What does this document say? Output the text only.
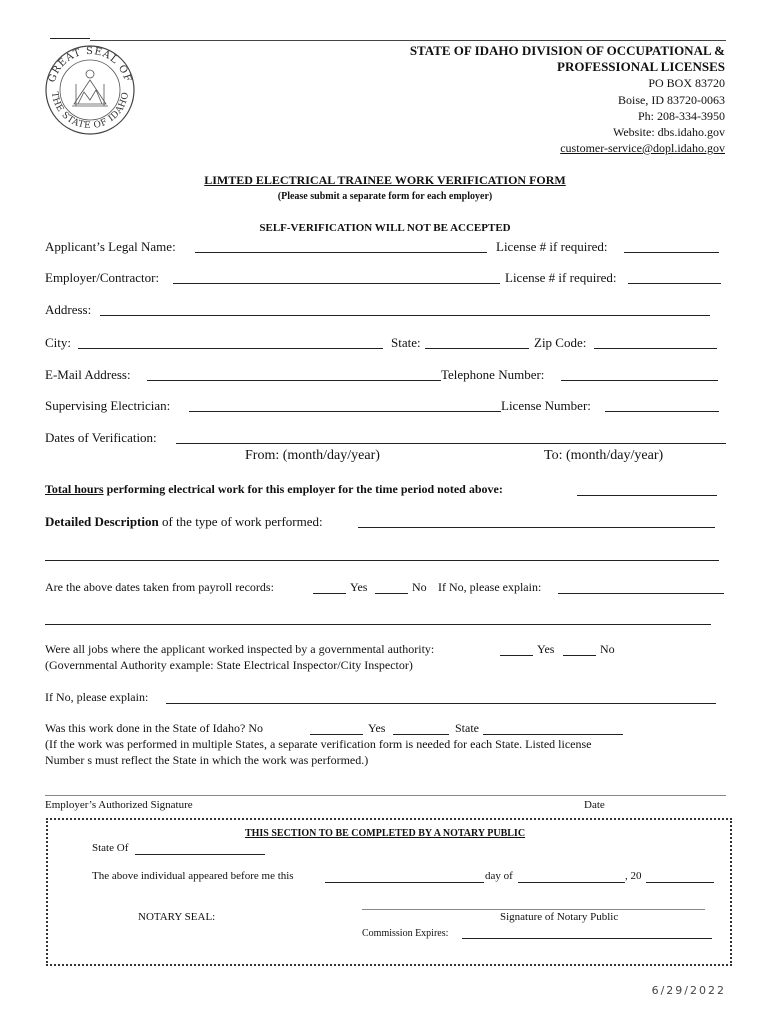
GREAT SEAL OF
THE STATE OF IDAHO
STATE OF IDAHO DIVISION OF OCCUPATIONAL &
PROFESSIONAL LICENSES
PO BOX 83720
Boise, ID 83720-0063
Ph: 208-334-3950
Website: dbs.idaho.gov
customer-service@dopl.idaho.gov
LIMTED ELECTRICAL TRAINEE WORK VERIFICATION FORM
(Please submit a separate form for each employer)
SELF-VERIFICATION WILL NOT BE ACCEPTED
Applicant’s Legal Name:	License # if required:
Employer/Contractor:	License # if required:
Address:
City:	State:	Zip Code:
E-Mail Address:	Telephone Number:
Supervising Electrician:	License Number:
Dates of Verification:
From: (month/day/year)	To: (month/day/year)
Total hours performing electrical work for this employer for the time period noted above:
Detailed Description of the type of work performed:
Are the above dates taken from payroll records:	Yes	No If No, please explain:
Were all jobs where the applicant worked inspected by a governmental authority:	Yes	No
(Governmental Authority example: State Electrical Inspector/City Inspector)
If No, please explain:
Was this work done in the State of Idaho? No	Yes	State
(If the work was performed in multiple States, a separate verification form is needed for each State. Listed license
Number s must reflect the State in which the work was performed.)
Employer’s Authorized Signature	Date
THIS SECTION TO BE COMPLETED BY A NOTARY PUBLIC
State Of
The above individual appeared before me this	day of	, 20
NOTARY SEAL:	Signature of Notary Public
Commission Expires:
6/29/2022
